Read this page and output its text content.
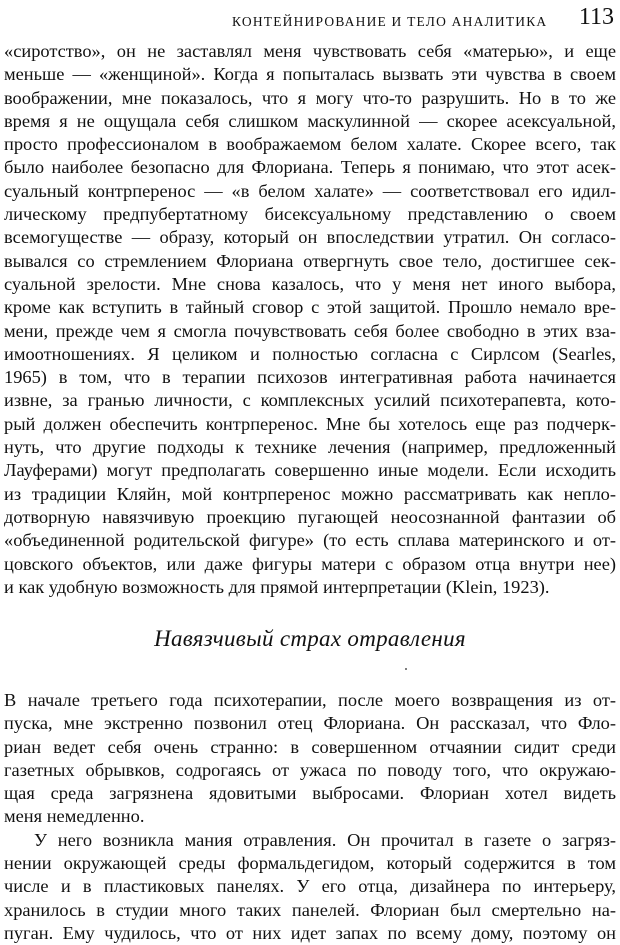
КОНТЕЙНИРОВАНИЕ И ТЕЛО АНАЛИТИКА 113
«сиротство», он не заставлял меня чувствовать себя «матерью», и еще
меньше — «женщиной». Когда я попыталась вызвать эти чувства в своем
воображении, мне показалось, что я могу что-то разрушить. Но в то же
время я не ощущала себя слишком маскулинной — скорее асексуальной,
просто профессионалом в воображаемом белом халате. Скорее всего, так
было наиболее безопасно для Флориана. Теперь я понимаю, что этот асек-
суальный контрперенос — «в белом халате» — соответствовал его идил-
лическому предпубертатному бисексуальному представлению о своем
всемогуществе — образу, который он впоследствии утратил. Он согласо-
вывался со стремлением Флориана отвергнуть свое тело, достигшее сек-
суальной зрелости. Мне снова казалось, что у меня нет иного выбора,
кроме как вступить в тайный сговор с этой защитой. Прошло немало вре-
мени, прежде чем я смогла почувствовать себя более свободно в этих вза-
имоотношениях. Я целиком и полностью согласна с Сирлсом (Searles,
1965) в том, что в терапии психозов интегративная работа начинается
извне, за гранью личности, с комплексных усилий психотерапевта, кото-
рый должен обеспечить контрперенос. Мне бы хотелось еще раз подчерк-
нуть, что другие подходы к технике лечения (например, предложенный
Лауферами) могут предполагать совершенно иные модели. Если исходить
из традиции Кляйн, мой контрперенос можно рассматривать как неплo-
дотворную навязчивую проекцию пугающей неосознанной фантазии об
«объединенной родительской фигуре» (то есть сплава материнского и от-
цовского объектов, или даже фигуры матери с образом отца внутри нее)
и как удобную возможность для прямой интерпретации (Klein, 1923).
Навязчивый страх отравления
В начале третьего года психотерапии, после моего возвращения из от-
пуска, мне экстренно позвонил отец Флориана. Он рассказал, что Фло-
риан ведет себя очень странно: в совершенном отчаянии сидит среди
газетных обрывков, содрогаясь от ужаса по поводу того, что окружаю-
щая среда загрязнена ядовитыми выбросами. Флориан хотел видеть
меня немедленно.
У него возникла мания отравления. Он прочитал в газете о загряз-
нении окружающей среды формальдегидом, который содержится в том
числе и в пластиковых панелях. У его отца, дизайнера по интерьеру,
хранилось в студии много таких панелей. Флориан был смертельно на-
пуган. Ему чудилось, что от них идет запах по всему дому, поэтому он
